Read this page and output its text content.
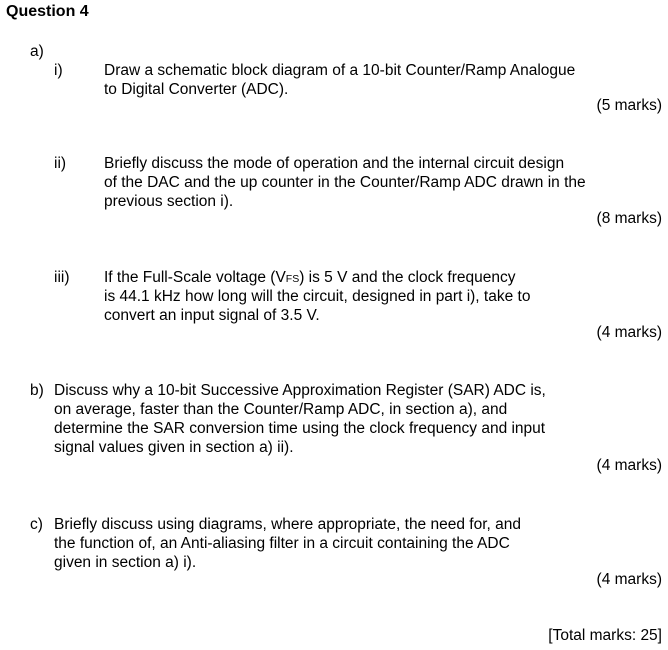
Question 4
a)
i)	Draw a schematic block diagram of a 10-bit Counter/Ramp Analogue
to Digital Converter (ADC).
(5 marks)
ii) Briefly discuss the mode of operation and the internal circuit design
of the DAC and the up counter in the Counter/Ramp ADC drawn in the
previous section i).
(8 marks)
iii) If the Full-Scale voltage (VFS) is 5 V and the clock frequency
is 44.1 kHz how long will the circuit, designed in part i), take to
convert an input signal of 3.5 V.
(4 marks)
b) Discuss why a 10-bit Successive Approximation Register (SAR) ADC is,
on average, faster than the Counter/Ramp ADC, in section a), and
determine the SAR conversion time using the clock frequency and input
signal values given in section a) ii).
(4 marks)
c) Briefly discuss using diagrams, where appropriate, the need for, and
the function of, an Anti-aliasing filter in a circuit containing the ADC
given in section a) i).
(4 marks)
[Total marks: 25]
